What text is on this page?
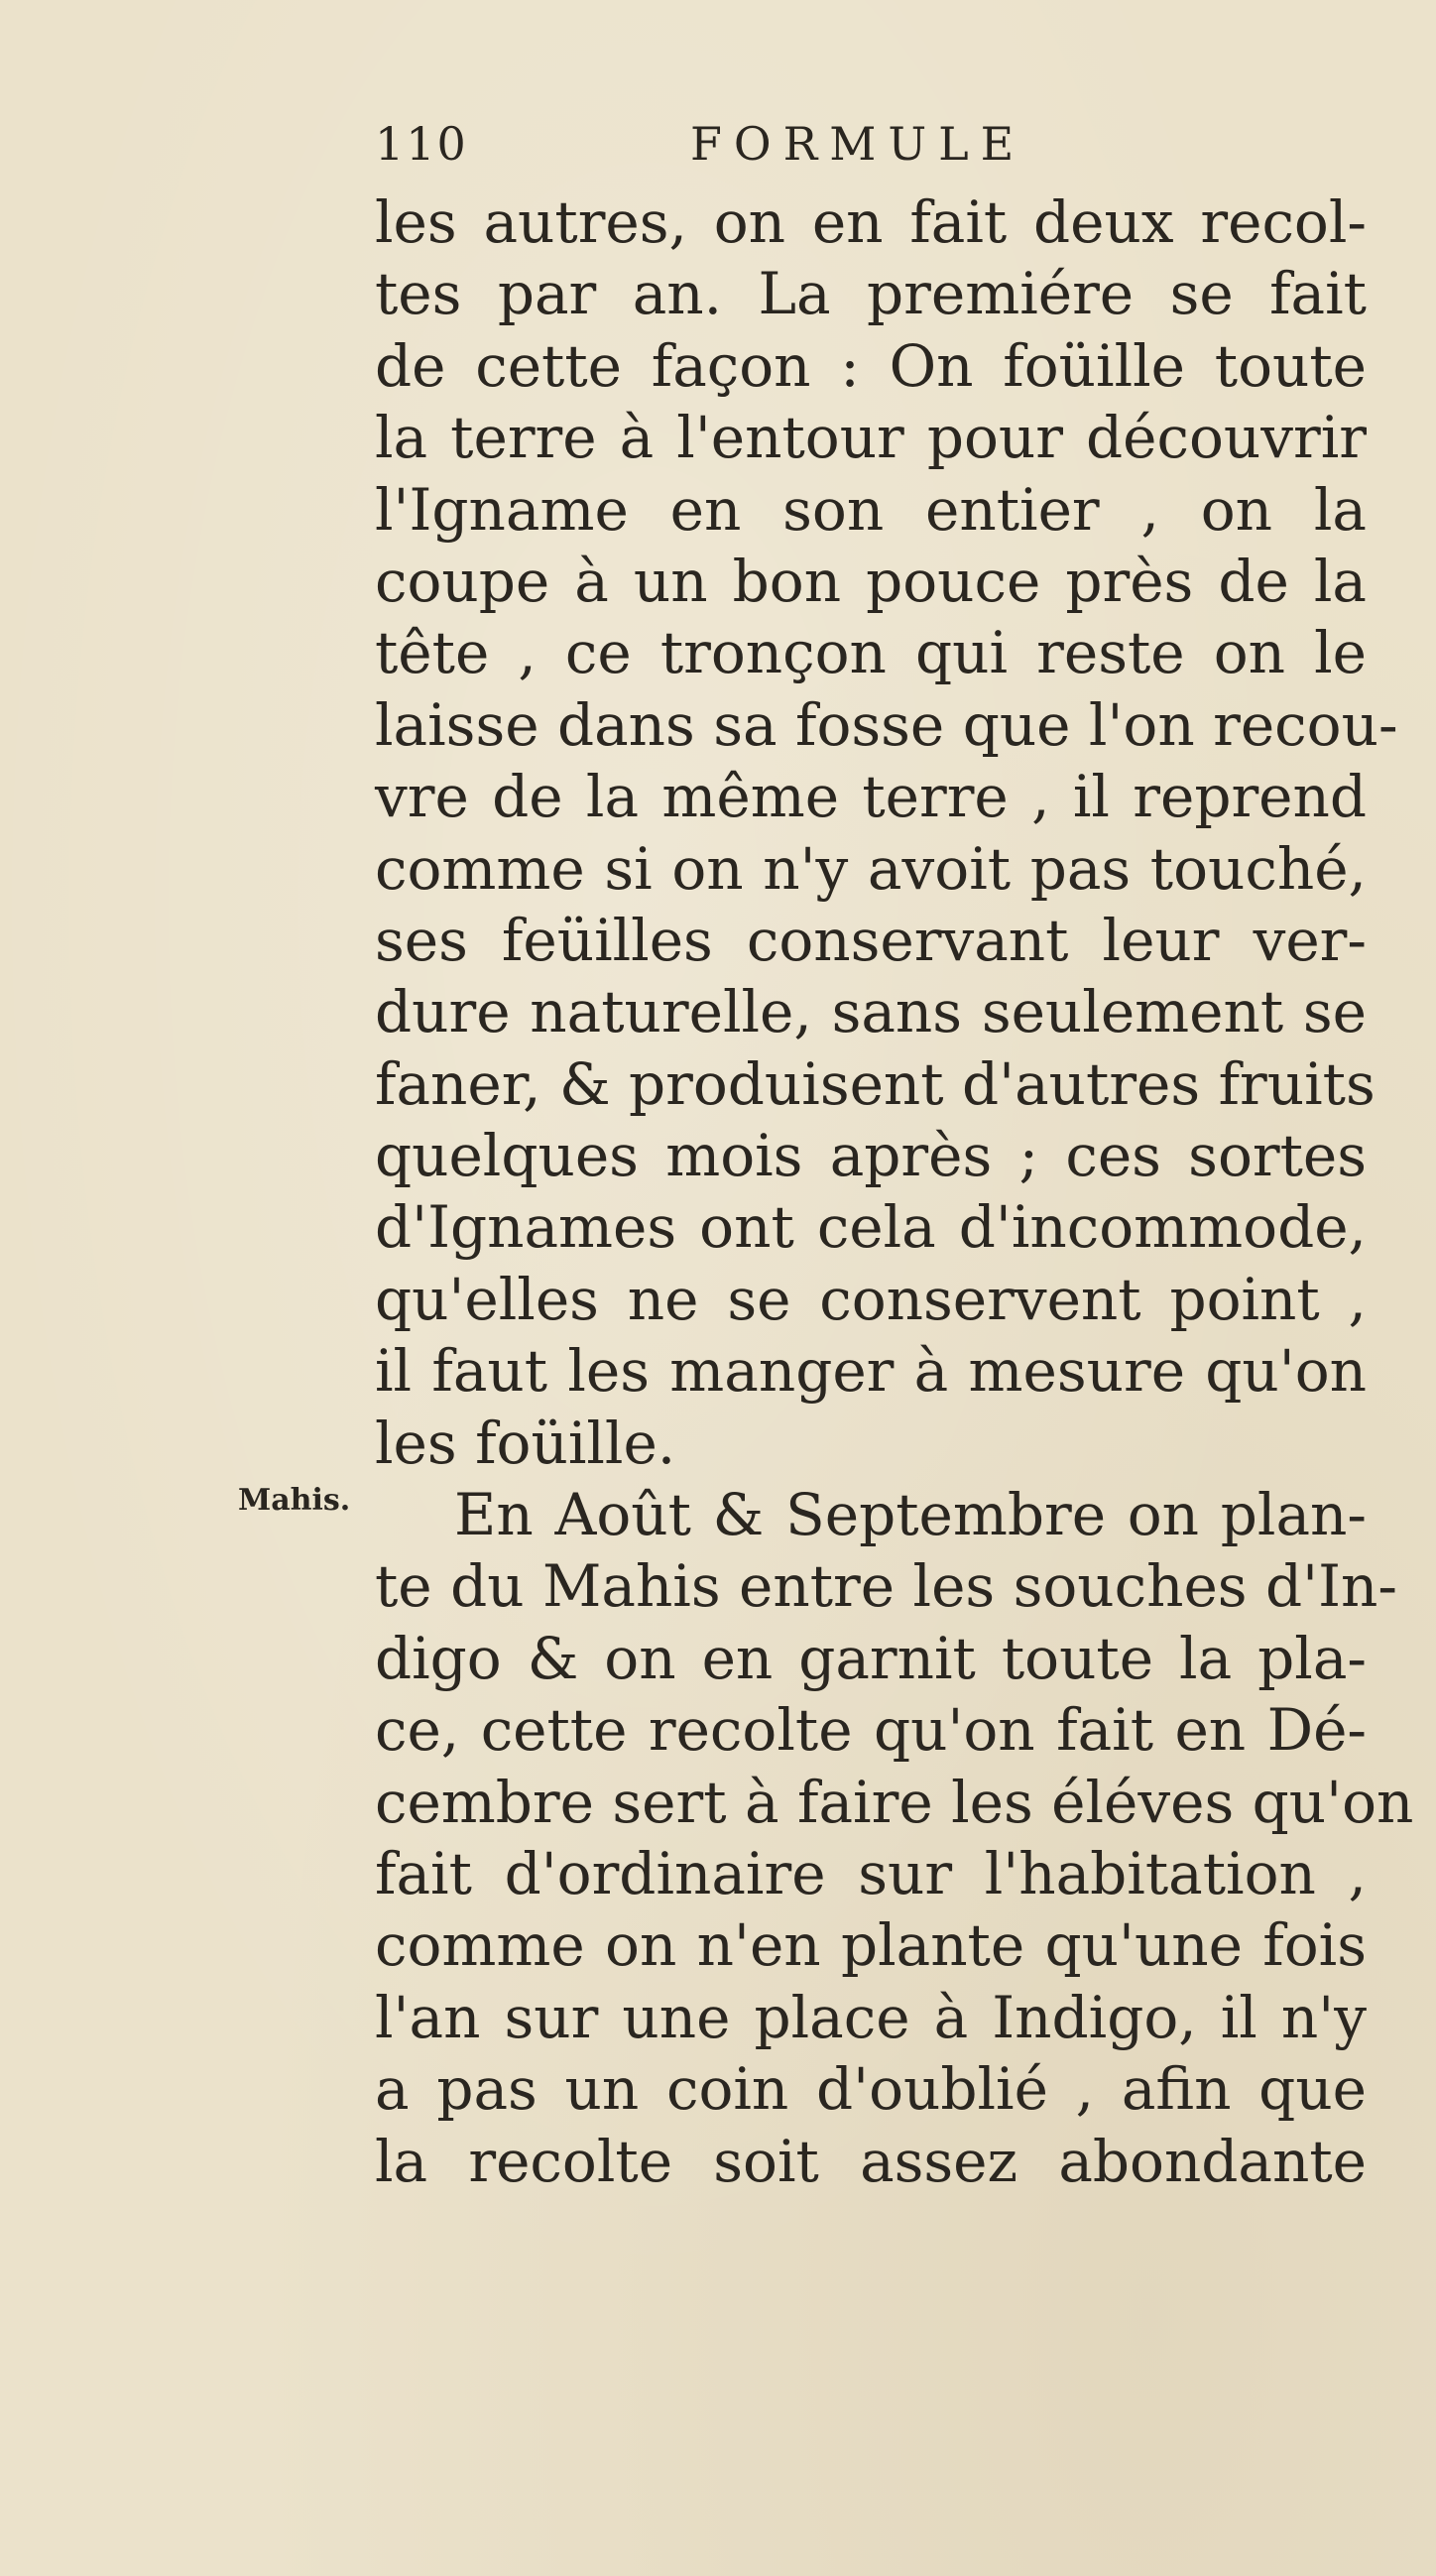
110	FORMULE
Mahis.
les autres, on en fait deux recol-
tes par an. La premiére se fait
de cette façon : On foüille toute
la terre à l'entour pour découvrir
l'Igname en son entier , on la
coupe à un bon pouce près de la
tête , ce tronçon qui reste on le
laisse dans sa fosse que l'on recou-
vre de la même terre , il reprend
comme si on n'y avoit pas touché,
ses feüilles conservant leur ver-
dure naturelle, sans seulement se
faner, & produisent d'autres fruits
quelques mois après ; ces sortes
d'Ignames ont cela d'incommode,
qu'elles ne se conservent point ,
il faut les manger à mesure qu'on
les foüille.
En Août & Septembre on plan-
te du Mahis entre les souches d'In-
digo & on en garnit toute la pla-
ce, cette recolte qu'on fait en Dé-
cembre sert à faire les éléves qu'on
fait d'ordinaire sur l'habitation ,
comme on n'en plante qu'une fois
l'an sur une place à Indigo, il n'y
a pas un coin d'oublié , afin que
la recolte soit assez abondante
